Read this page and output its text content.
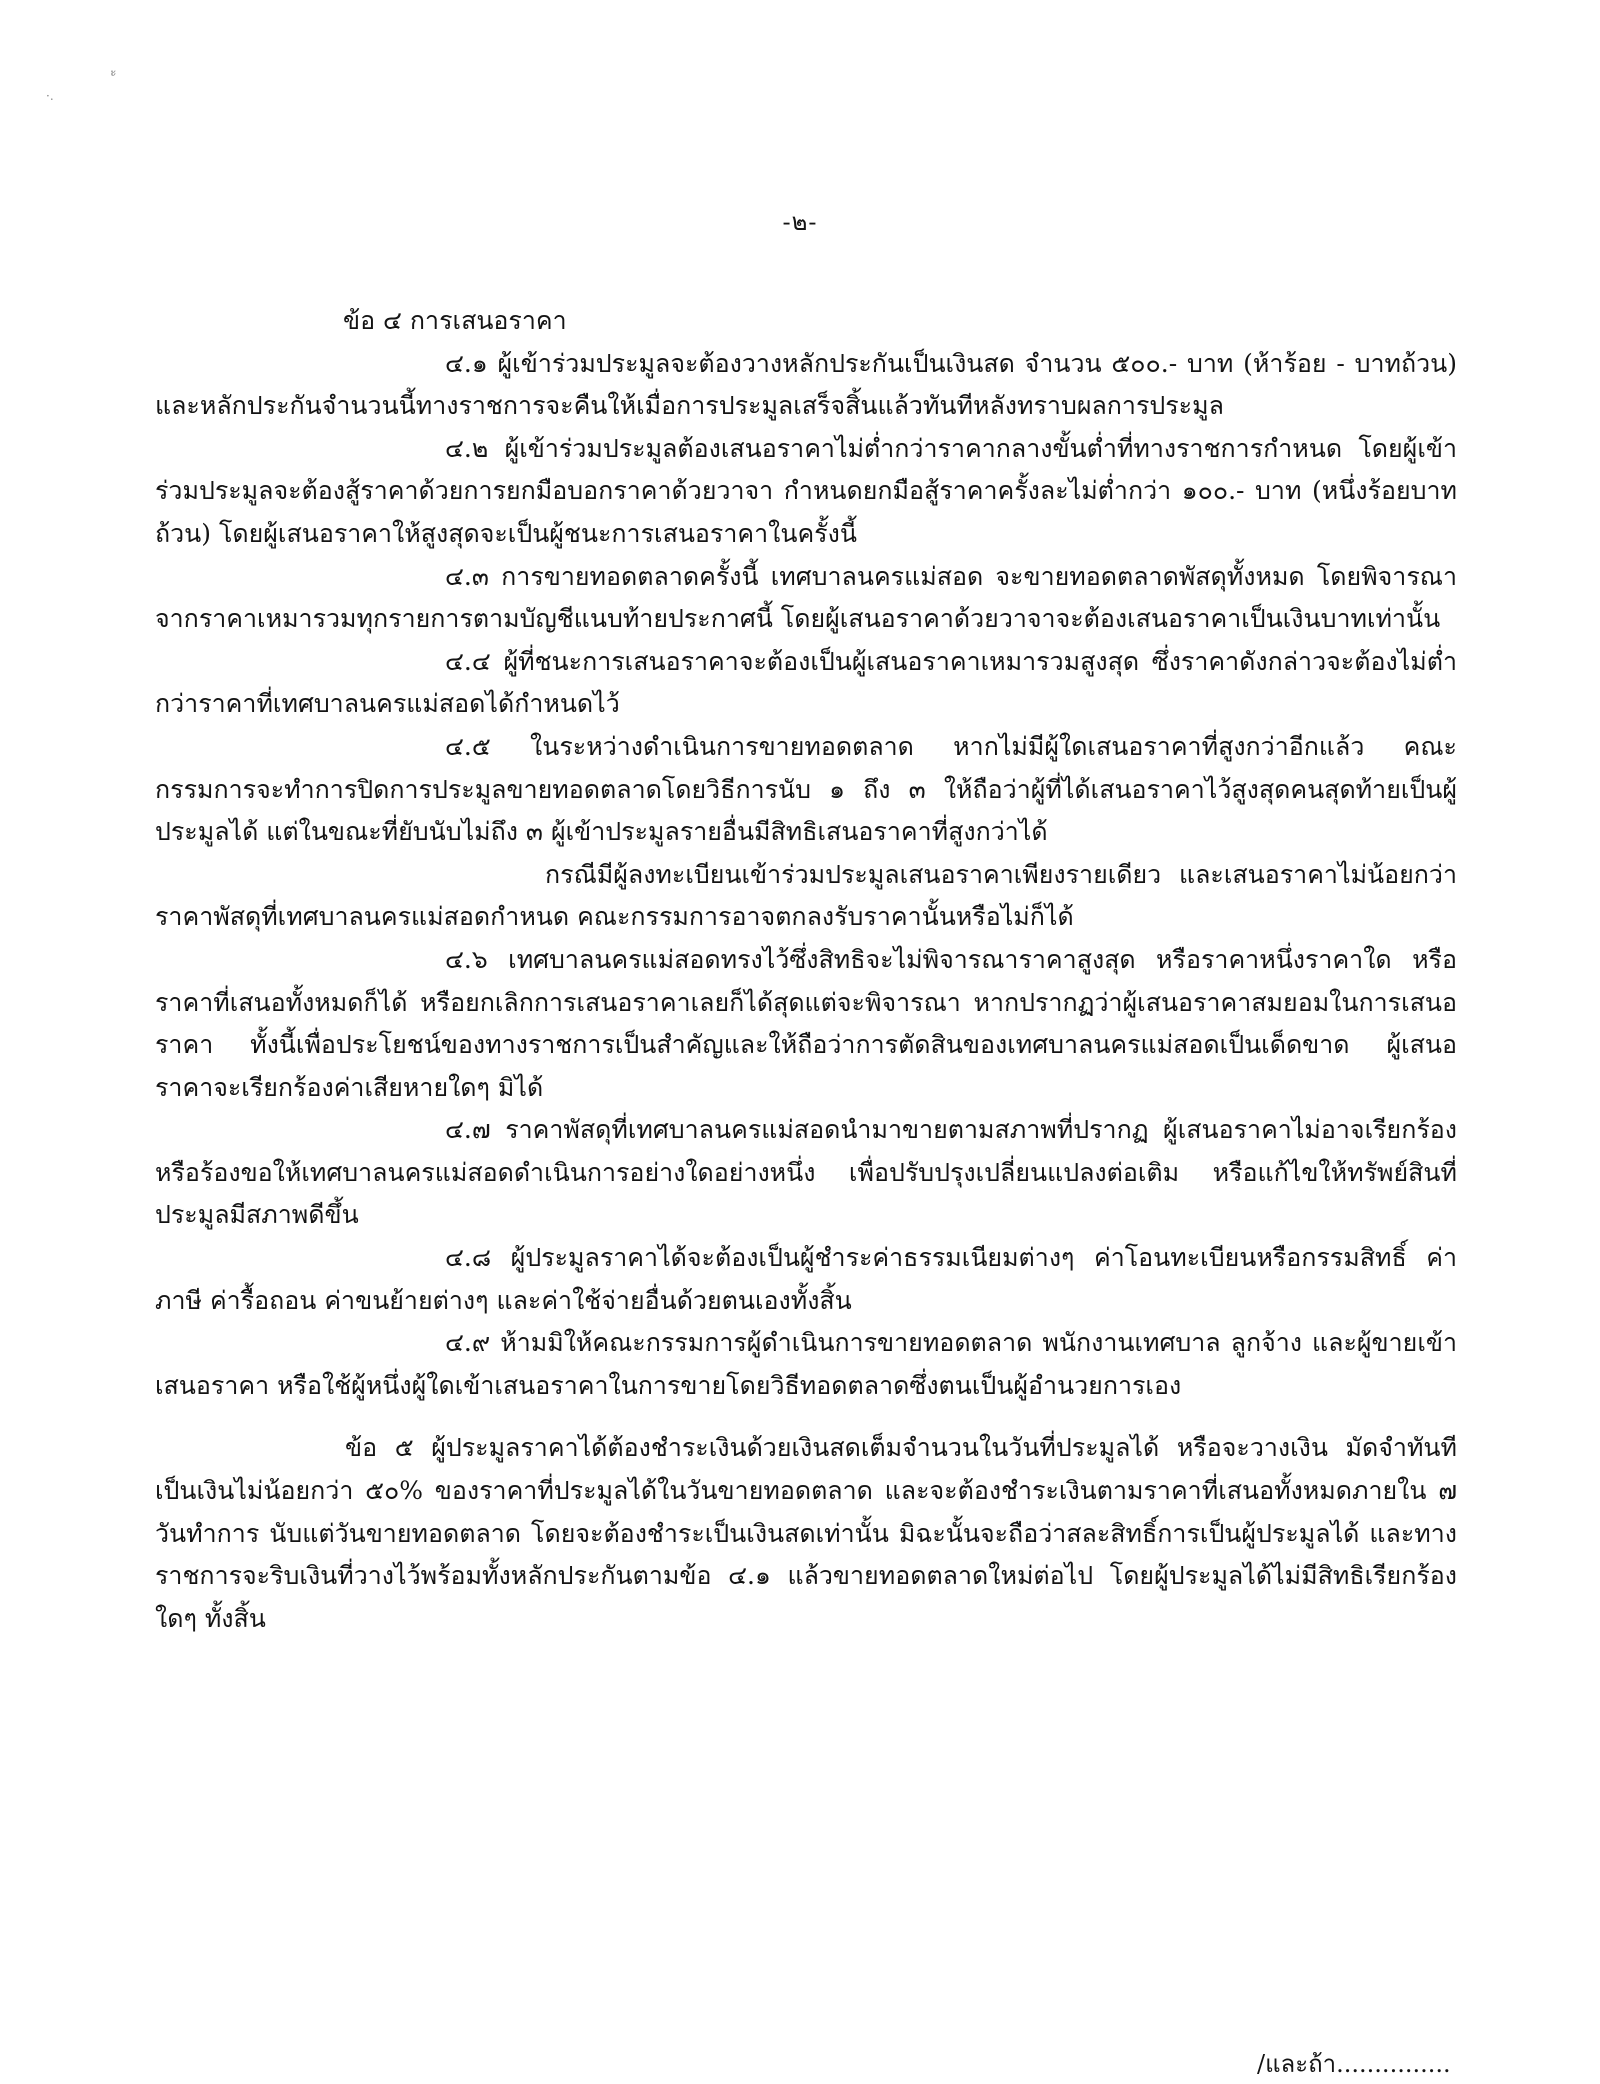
ะ
·.
-๒-

ข้อ ๔ การเสนอราคา

๔.๑ ผู้เข้าร่วมประมูลจะต้องวางหลักประกันเป็นเงินสด จำนวน ๕๐๐.- บาท (ห้าร้อย - บาทถ้วน) และหลักประกันจำนวนนี้ทางราชการจะคืนให้เมื่อการประมูลเสร็จสิ้นแล้วทันทีหลังทราบผลการประมูล

๔.๒ ผู้เข้าร่วมประมูลต้องเสนอราคาไม่ต่ำกว่าราคากลางขั้นต่ำที่ทางราชการกำหนด โดยผู้เข้าร่วมประมูลจะต้องสู้ราคาด้วยการยกมือบอกราคาด้วยวาจา กำหนดยกมือสู้ราคาครั้งละไม่ต่ำกว่า ๑๐๐.- บาท (หนึ่งร้อยบาทถ้วน) โดยผู้เสนอราคาให้สูงสุดจะเป็นผู้ชนะการเสนอราคาในครั้งนี้

๔.๓ การขายทอดตลาดครั้งนี้ เทศบาลนครแม่สอด จะขายทอดตลาดพัสดุทั้งหมด โดยพิจารณาจากราคาเหมารวมทุกรายการตามบัญชีแนบท้ายประกาศนี้ โดยผู้เสนอราคาด้วยวาจาจะต้องเสนอราคาเป็นเงินบาทเท่านั้น

๔.๔ ผู้ที่ชนะการเสนอราคาจะต้องเป็นผู้เสนอราคาเหมารวมสูงสุด ซึ่งราคาดังกล่าวจะต้องไม่ต่ำกว่าราคาที่เทศบาลนครแม่สอดได้กำหนดไว้

๔.๕ ในระหว่างดำเนินการขายทอดตลาด หากไม่มีผู้ใดเสนอราคาที่สูงกว่าอีกแล้ว คณะกรรมการจะทำการปิดการประมูลขายทอดตลาดโดยวิธีการนับ ๑ ถึง ๓ ให้ถือว่าผู้ที่ได้เสนอราคาไว้สูงสุดคนสุดท้ายเป็นผู้ประมูลได้ แต่ในขณะที่ยับนับไม่ถึง ๓ ผู้เข้าประมูลรายอื่นมีสิทธิเสนอราคาที่สูงกว่าได้

กรณีมีผู้ลงทะเบียนเข้าร่วมประมูลเสนอราคาเพียงรายเดียว และเสนอราคาไม่น้อยกว่าราคาพัสดุที่เทศบาลนครแม่สอดกำหนด คณะกรรมการอาจตกลงรับราคานั้นหรือไม่ก็ได้

๔.๖ เทศบาลนครแม่สอดทรงไว้ซึ่งสิทธิจะไม่พิจารณาราคาสูงสุด หรือราคาหนึ่งราคาใด หรือราคาที่เสนอทั้งหมดก็ได้ หรือยกเลิกการเสนอราคาเลยก็ได้สุดแต่จะพิจารณา หากปรากฏว่าผู้เสนอราคาสมยอมในการเสนอราคา ทั้งนี้เพื่อประโยชน์ของทางราชการเป็นสำคัญและให้ถือว่าการตัดสินของเทศบาลนครแม่สอดเป็นเด็ดขาด ผู้เสนอราคาจะเรียกร้องค่าเสียหายใดๆ มิได้

๔.๗ ราคาพัสดุที่เทศบาลนครแม่สอดนำมาขายตามสภาพที่ปรากฏ ผู้เสนอราคาไม่อาจเรียกร้องหรือร้องขอให้เทศบาลนครแม่สอดดำเนินการอย่างใดอย่างหนึ่ง เพื่อปรับปรุงเปลี่ยนแปลงต่อเติม หรือแก้ไขให้ทรัพย์สินที่ประมูลมีสภาพดีขึ้น

๔.๘ ผู้ประมูลราคาได้จะต้องเป็นผู้ชำระค่าธรรมเนียมต่างๆ ค่าโอนทะเบียนหรือกรรมสิทธิ์ ค่าภาษี ค่ารื้อถอน ค่าขนย้ายต่างๆ และค่าใช้จ่ายอื่นด้วยตนเองทั้งสิ้น

๔.๙ ห้ามมิให้คณะกรรมการผู้ดำเนินการขายทอดตลาด พนักงานเทศบาล ลูกจ้าง และผู้ขายเข้าเสนอราคา หรือใช้ผู้หนึ่งผู้ใดเข้าเสนอราคาในการขายโดยวิธีทอดตลาดซึ่งตนเป็นผู้อำนวยการเอง

ข้อ ๕ ผู้ประมูลราคาได้ต้องชำระเงินด้วยเงินสดเต็มจำนวนในวันที่ประมูลได้ หรือจะวางเงิน มัดจำทันทีเป็นเงินไม่น้อยกว่า ๕๐% ของราคาที่ประมูลได้ในวันขายทอดตลาด และจะต้องชำระเงินตามราคาที่เสนอทั้งหมดภายใน ๗ วันทำการ นับแต่วันขายทอดตลาด โดยจะต้องชำระเป็นเงินสดเท่านั้น มิฉะนั้นจะถือว่าสละสิทธิ์การเป็นผู้ประมูลได้ และทางราชการจะริบเงินที่วางไว้พร้อมทั้งหลักประกันตามข้อ ๔.๑ แล้วขายทอดตลาดใหม่ต่อไป โดยผู้ประมูลได้ไม่มีสิทธิเรียกร้องใดๆ ทั้งสิ้น

/และถ้า...............
